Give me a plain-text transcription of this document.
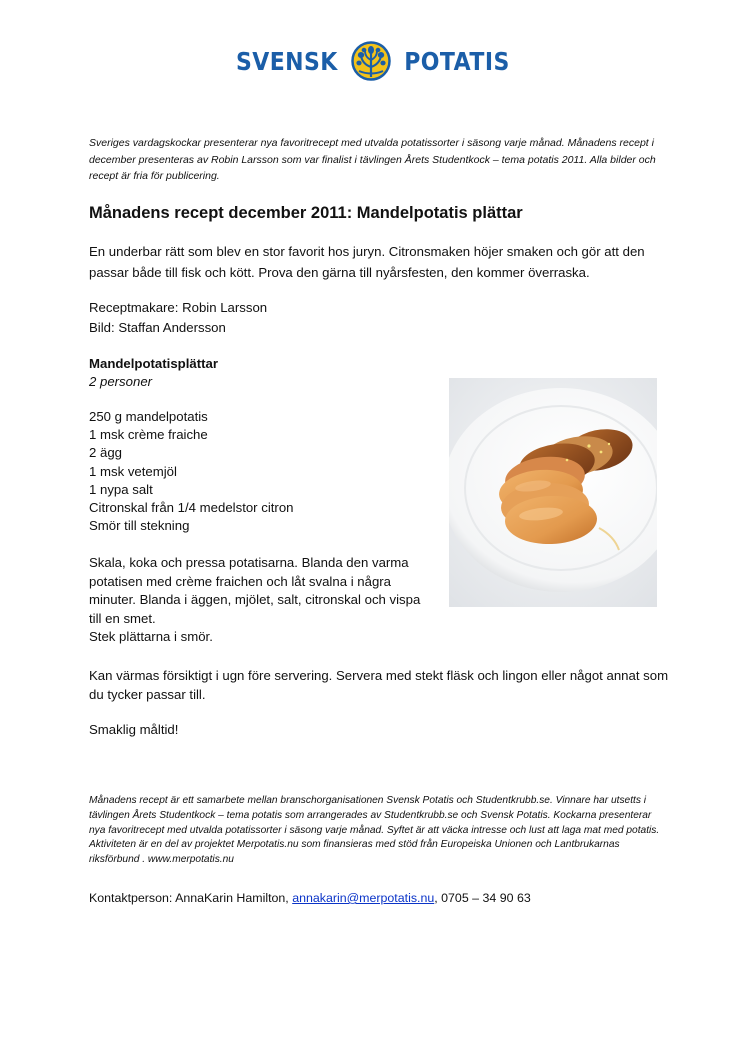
SVENSK	POTATIS
Sveriges vardagskockar presenterar nya favoritrecept med utvalda potatissorter i säsong varje månad. Månadens recept i december presenteras av Robin Larsson som var finalist i tävlingen Årets Studentkock – tema potatis 2011. Alla bilder och recept är fria för publicering.
Månadens recept december 2011: Mandelpotatis plättar
En underbar rätt som blev en stor favorit hos juryn. Citronsmaken höjer smaken och gör att den passar både till fisk och kött. Prova den gärna till nyårsfesten, den kommer överraska.
Receptmakare: Robin Larsson
Bild: Staffan Andersson
Mandelpotatisplättar
2 personer
250 g mandelpotatis
1 msk crème fraiche
2 ägg
1 msk vetemjöl
1 nypa salt
Citronskal från 1/4 medelstor citron
Smör till stekning

Skala, koka och pressa potatisarna. Blanda den varma potatisen med crème fraichen och låt svalna i några minuter. Blanda i äggen, mjölet, salt, citronskal och vispa till en smet.

Stek plättarna i smör.

Kan värmas försiktigt i ugn före servering. Servera med stekt fläsk och lingon eller något annat som du tycker passar till.
Smaklig måltid!
Månadens recept är ett samarbete mellan branschorganisationen Svensk Potatis och Studentkrubb.se. Vinnare har utsetts i tävlingen Årets Studentkock – tema potatis som arrangerades av Studentkrubb.se och Svensk Potatis. Kockarna presenterar nya favoritrecept med utvalda potatissorter i säsong varje månad. Syftet är att väcka intresse och lust att laga mat med potatis. Aktiviteten är en del av projektet Merpotatis.nu som finansieras med stöd från Europeiska Unionen och Lantbrukarnas riksförbund . www.merpotatis.nu
Kontaktperson: AnnaKarin Hamilton, annakarin@merpotatis.nu, 0705 – 34 90 63
